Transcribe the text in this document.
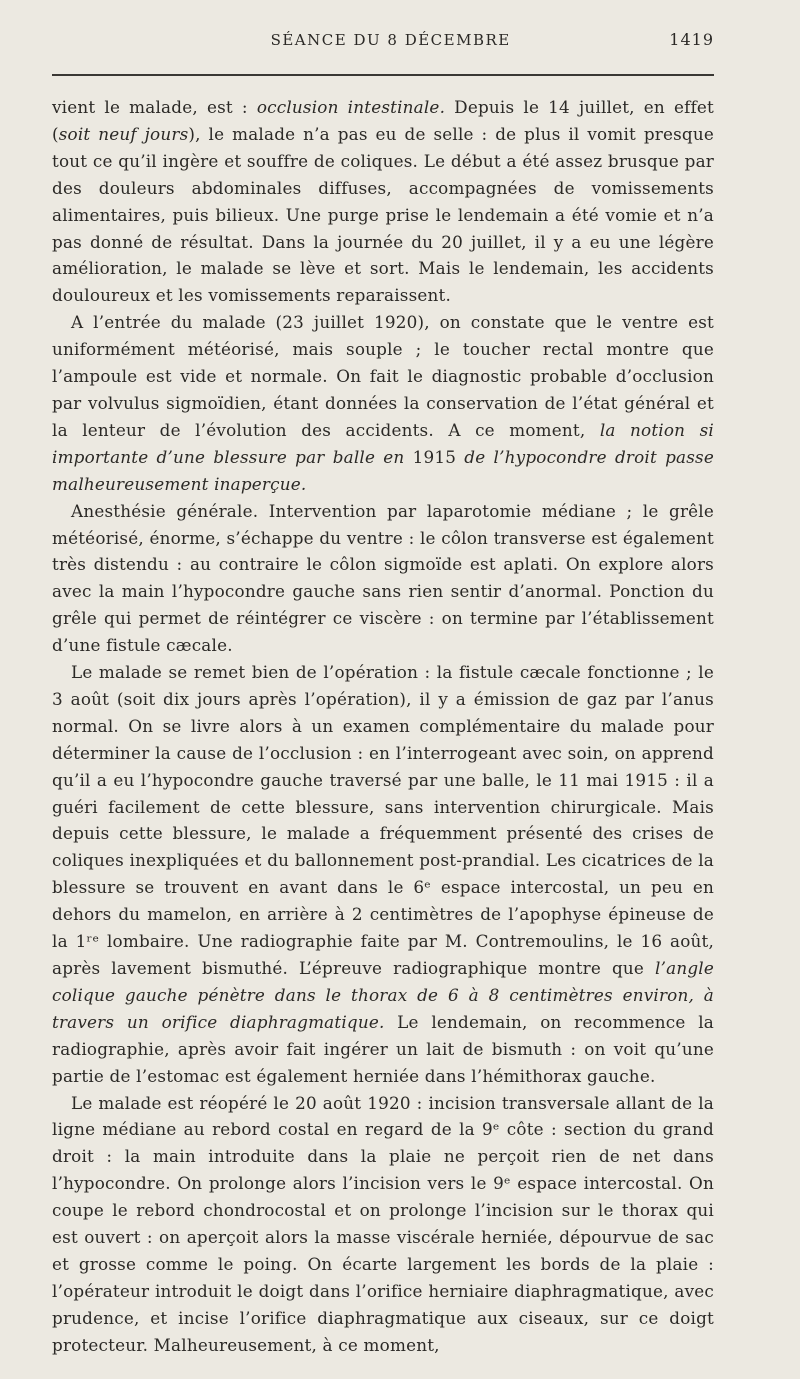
SÉANCE DU 8 DÉCEMBRE	1419

vient le malade, est : occlusion intestinale. Depuis le 14 juillet, en effet (soit neuf jours), le malade n’a pas eu de selle : de plus il vomit presque tout ce qu’il ingère et souffre de coliques. Le début a été assez brusque par des douleurs abdominales diffuses, accompagnées de vomissements alimentaires, puis bilieux. Une purge prise le lendemain a été vomie et n’a pas donné de résultat. Dans la journée du 20 juillet, il y a eu une légère amélioration, le malade se lève et sort. Mais le lendemain, les accidents douloureux et les vomissements reparaissent.

A l’entrée du malade (23 juillet 1920), on constate que le ventre est uniformément météorisé, mais souple ; le toucher rectal montre que l’ampoule est vide et normale. On fait le diagnostic probable d’occlusion par volvulus sigmoïdien, étant données la conservation de l’état général et la lenteur de l’évolution des accidents. A ce moment, la notion si importante d’une blessure par balle en 1915 de l’hypocondre droit passe malheureusement inaperçue.

Anesthésie générale. Intervention par laparotomie médiane ; le grêle météorisé, énorme, s’échappe du ventre : le côlon transverse est également très distendu : au contraire le côlon sigmoïde est aplati. On explore alors avec la main l’hypocondre gauche sans rien sentir d’anormal. Ponction du grêle qui permet de réintégrer ce viscère : on termine par l’établissement d’une fistule cæcale.

Le malade se remet bien de l’opération : la fistule cæcale fonctionne ; le 3 août (soit dix jours après l’opération), il y a émission de gaz par l’anus normal. On se livre alors à un examen complémentaire du malade pour déterminer la cause de l’occlusion : en l’interrogeant avec soin, on apprend qu’il a eu l’hypocondre gauche traversé par une balle, le 11 mai 1915 : il a guéri facilement de cette blessure, sans intervention chirurgicale. Mais depuis cette blessure, le malade a fréquemment présenté des crises de coliques inexpliquées et du ballonnement post-prandial. Les cicatrices de la blessure se trouvent en avant dans le 6ᵉ espace intercostal, un peu en dehors du mamelon, en arrière à 2 centimètres de l’apophyse épineuse de la 1ʳᵉ lombaire. Une radiographie faite par M. Contremoulins, le 16 août, après lavement bismuthé. L’épreuve radiographique montre que l’angle colique gauche pénètre dans le thorax de 6 à 8 centimètres environ, à travers un orifice diaphragmatique. Le lendemain, on recommence la radiographie, après avoir fait ingérer un lait de bismuth : on voit qu’une partie de l’estomac est également herniée dans l’hémithorax gauche.

Le malade est réopéré le 20 août 1920 : incision transversale allant de la ligne médiane au rebord costal en regard de la 9ᵉ côte : section du grand droit : la main introduite dans la plaie ne perçoit rien de net dans l’hypocondre. On prolonge alors l’incision vers le 9ᵉ espace intercostal. On coupe le rebord chondrocostal et on prolonge l’incision sur le thorax qui est ouvert : on aperçoit alors la masse viscérale herniée, dépourvue de sac et grosse comme le poing. On écarte largement les bords de la plaie : l’opérateur introduit le doigt dans l’orifice herniaire diaphragmatique, avec prudence, et incise l’orifice diaphragmatique aux ciseaux, sur ce doigt protecteur. Malheureusement, à ce moment,
